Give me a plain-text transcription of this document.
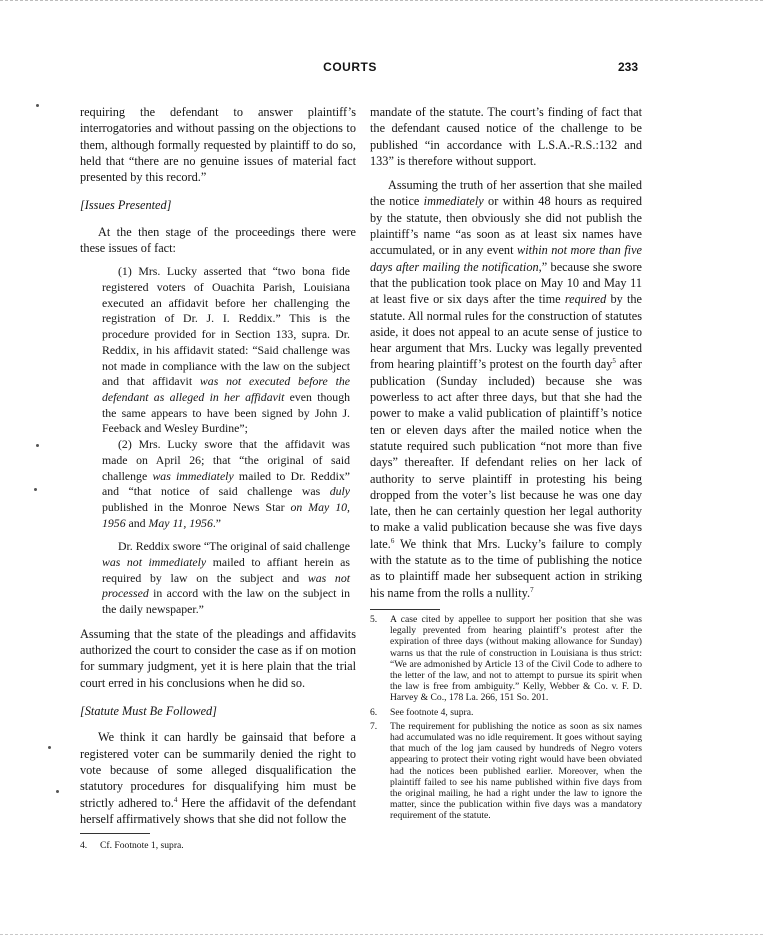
COURTS	233

requiring the defendant to answer plaintiff’s interrogatories and without passing on the objections to them, although formally requested by plaintiff to do so, held that “there are no genuine issues of material fact presented by this record.”

[Issues Presented]

At the then stage of the proceedings there were these issues of fact:

(1) Mrs. Lucky asserted that “two bona fide registered voters of Ouachita Parish, Louisiana executed an affidavit before her challenging the registration of Dr. J. I. Reddix.” This is the procedure provided for in Section 133, supra. Dr. Reddix, in his affidavit stated: “Said challenge was not made in compliance with the law on the subject and that affidavit was not executed before the defendant as alleged in her affidavit even though the same appears to have been signed by John J. Feeback and Wesley Burdine”;

(2) Mrs. Lucky swore that the affidavit was made on April 26; that “the original of said challenge was immediately mailed to Dr. Reddix” and “that notice of said challenge was duly published in the Monroe News Star on May 10, 1956 and May 11, 1956.”

Dr. Reddix swore “The original of said challenge was not immediately mailed to affiant herein as required by law on the subject and was not processed in accord with the law on the subject in the daily newspaper.”

Assuming that the state of the pleadings and affidavits authorized the court to consider the case as if on motion for summary judgment, yet it is here plain that the trial court erred in his conclusions when he did so.

[Statute Must Be Followed]

We think it can hardly be gainsaid that before a registered voter can be summarily denied the right to vote because of some alleged disqualification the statutory procedures for disqualifying him must be strictly adhered to.$^4$ Here the affidavit of the defendant herself affirmatively shows that she did not follow the

4.	Cf. Footnote 1, supra.

mandate of the statute. The court’s finding of fact that the defendant caused notice of the challenge to be published “in accordance with L.S.A.-R.S.:132 and 133” is therefore without support.

Assuming the truth of her assertion that she mailed the notice immediately or within 48 hours as required by the statute, then obviously she did not publish the plaintiff’s name “as soon as at least six names have accumulated, or in any event within not more than five days after mailing the notification,” because she swore that the publication took place on May 10 and May 11 at least five or six days after the time required by the statute. All normal rules for the construction of statutes aside, it does not appeal to an acute sense of justice to hear argument that Mrs. Lucky was legally prevented from hearing plaintiff’s protest on the fourth day$^5$ after publication (Sunday included) because she was powerless to act after three days, but that she had the power to make a valid publication of plaintiff’s notice ten or eleven days after the mailed notice when the statute required such publication “not more than five days” thereafter. If defendant relies on her lack of authority to serve plaintiff in protesting his being dropped from the voter’s list because he was one day late, then he can certainly question her legal authority to make a valid publication because she was five days late.$^6$ We think that Mrs. Lucky’s failure to comply with the statute as to the time of publishing the notice as to plaintiff made her subsequent action in striking his name from the rolls a nullity.$^7$

5.	A case cited by appellee to support her position that she was legally prevented from hearing plaintiff’s protest after the expiration of three days (without making allowance for Sunday) warns us that the rule of construction in Louisiana is thus strict: “We are admonished by Article 13 of the Civil Code to adhere to the letter of the law, and not to attempt to pursue its spirit when the law is free from ambiguity.” Kelly, Webber & Co. v. F. D. Harvey & Co., 178 La. 266, 151 So. 201.
6.	See footnote 4, supra.
7.	The requirement for publishing the notice as soon as six names had accumulated was no idle requirement. It goes without saying that much of the log jam caused by hundreds of Negro voters appearing to protect their voting right would have been obviated had the notices been published earlier. Moreover, when the plaintiff failed to see his name published within five days from the original mailing, he had a right under the law to ignore the matter, since the publication within five days was a mandatory requirement of the statute.
